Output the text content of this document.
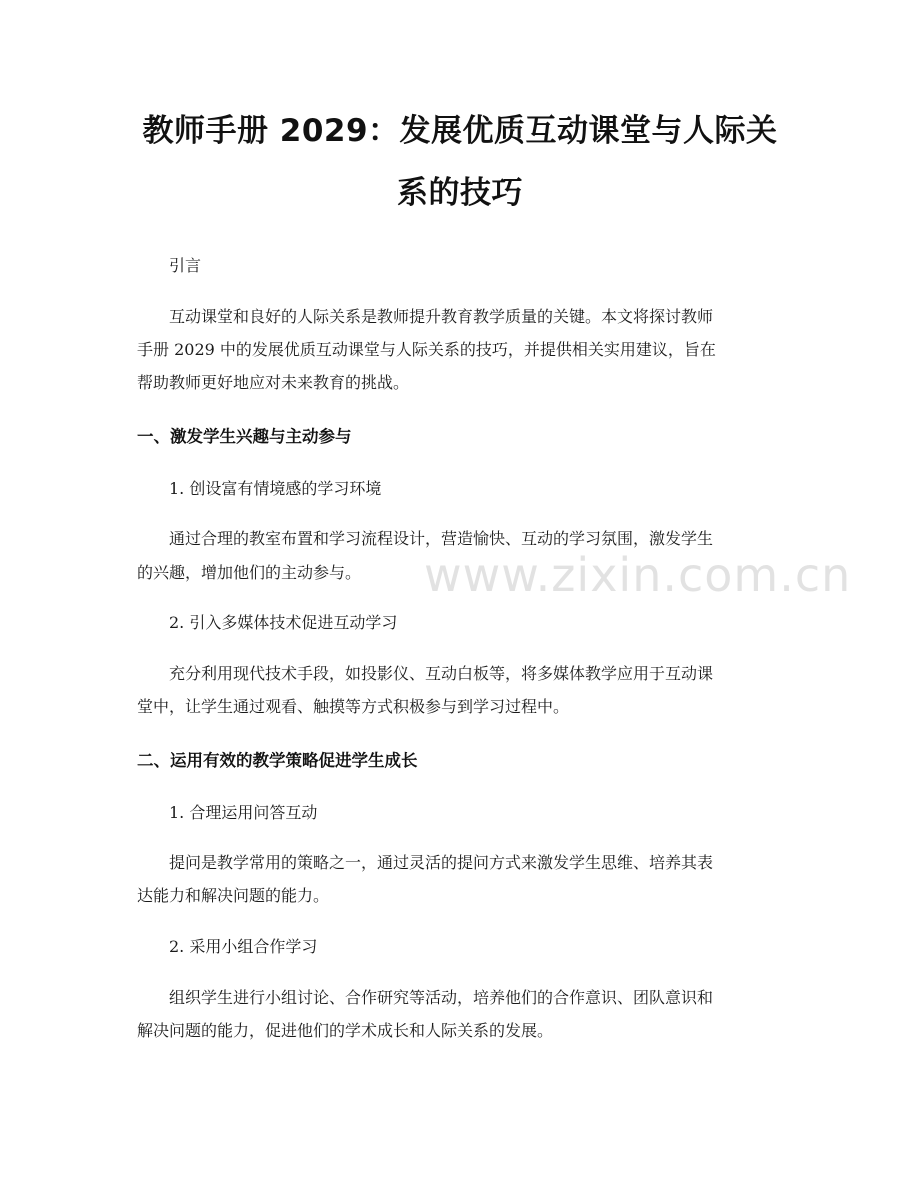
教师手册 2029：发展优质互动课堂与人际关
系的技巧
引言
互动课堂和良好的人际关系是教师提升教育教学质量的关键。本文将探讨教师
手册 2029 中的发展优质互动课堂与人际关系的技巧，并提供相关实用建议，旨在
帮助教师更好地应对未来教育的挑战。
一、激发学生兴趣与主动参与
1. 创设富有情境感的学习环境
通过合理的教室布置和学习流程设计，营造愉快、互动的学习氛围，激发学生
的兴趣，增加他们的主动参与。
2. 引入多媒体技术促进互动学习
充分利用现代技术手段，如投影仪、互动白板等，将多媒体教学应用于互动课
堂中，让学生通过观看、触摸等方式积极参与到学习过程中。
二、运用有效的教学策略促进学生成长
1. 合理运用问答互动
提问是教学常用的策略之一，通过灵活的提问方式来激发学生思维、培养其表
达能力和解决问题的能力。
2. 采用小组合作学习
组织学生进行小组讨论、合作研究等活动，培养他们的合作意识、团队意识和
解决问题的能力，促进他们的学术成长和人际关系的发展。
www.zixin.com.cn
